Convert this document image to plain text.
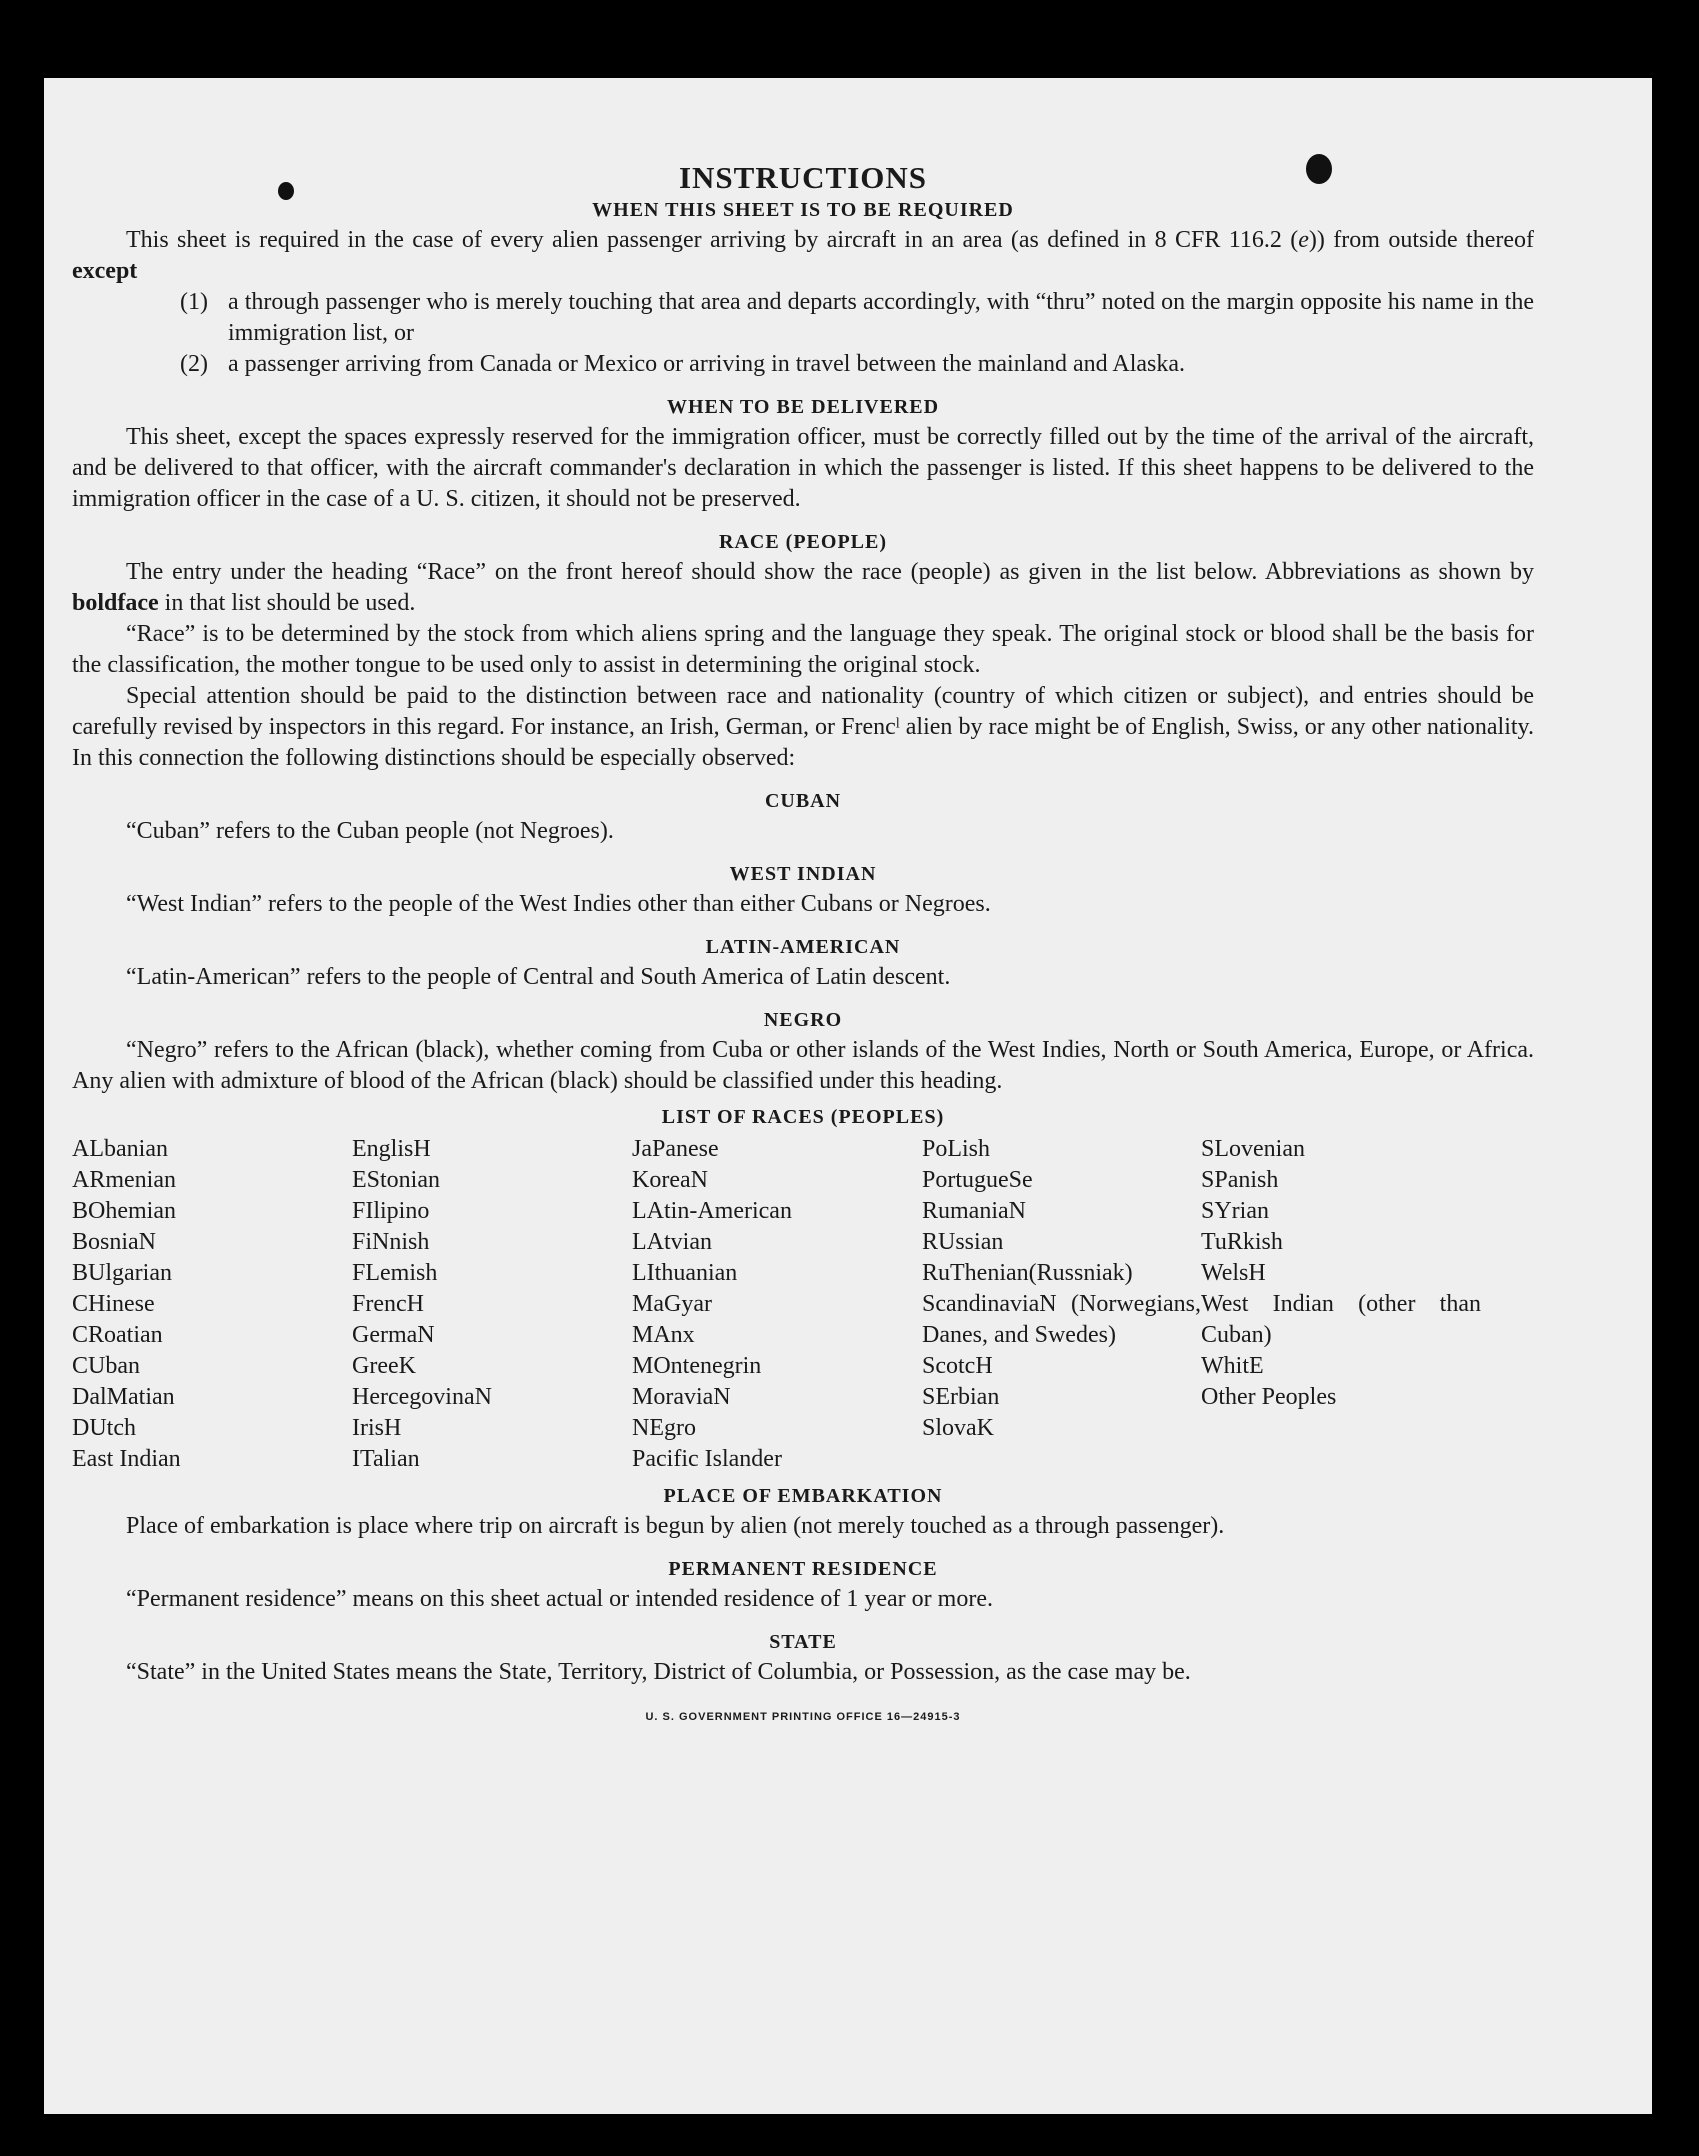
INSTRUCTIONS
WHEN THIS SHEET IS TO BE REQUIRED

This sheet is required in the case of every alien passenger arriving by aircraft in an area (as defined in 8 CFR 116.2 (e)) from outside thereof except

(1) a through passenger who is merely touching that area and departs accordingly, with “thru” noted on the margin opposite his name in the immigration list, or
(2) a passenger arriving from Canada or Mexico or arriving in travel between the mainland and Alaska.
WHEN TO BE DELIVERED

This sheet, except the spaces expressly reserved for the immigration officer, must be correctly filled out by the time of the arrival of the aircraft, and be delivered to that officer, with the aircraft commander's declaration in which the passenger is listed. If this sheet happens to be delivered to the immigration officer in the case of a U. S. citizen, it should not be preserved.

RACE (PEOPLE)

The entry under the heading “Race” on the front hereof should show the race (people) as given in the list below. Abbreviations as shown by boldface in that list should be used.

“Race” is to be determined by the stock from which aliens spring and the language they speak. The original stock or blood shall be the basis for the classification, the mother tongue to be used only to assist in determining the original stock.

Special attention should be paid to the distinction between race and nationality (country of which citizen or subject), and entries should be carefully revised by inspectors in this regard. For instance, an Irish, German, or Frencˡ alien by race might be of English, Swiss, or any other nationality. In this connection the following distinctions should be especially observed:

CUBAN

“Cuban” refers to the Cuban people (not Negroes).

WEST INDIAN

“West Indian” refers to the people of the West Indies other than either Cubans or Negroes.

LATIN-AMERICAN

“Latin-American” refers to the people of Central and South America of Latin descent.

NEGRO

“Negro” refers to the African (black), whether coming from Cuba or other islands of the West Indies, North or South America, Europe, or Africa. Any alien with admixture of blood of the African (black) should be classified under this heading.

LIST OF RACES (PEOPLES)
ALbanian
ARmenian
BOhemian
BosniaN
BUlgarian
CHinese
CRoatian
CUban
DalMatian
DUtch
East Indian
EnglisH
EStonian
FIlipino
FiNnish
FLemish
FrencH
GermaN
GreeK
HercegovinaN
IrisH
ITalian
JaPanese
KoreaN
LAtin-American
LAtvian
LIthuanian
MaGyar
MAnx
MOntenegrin
MoraviaN
NEgro
Pacific Islander
PoLish
PortugueSe
RumaniaN
RUssian
RuThenian(Russniak)
ScandinaviaN (Norwegians, Danes, and Swedes)
ScotcH
SErbian
SlovaK
SLovenian
SPanish
SYrian
TuRkish
WelsH
West Indian (other than Cuban)
WhitE
Other Peoples
PLACE OF EMBARKATION

Place of embarkation is place where trip on aircraft is begun by alien (not merely touched as a through passenger).

PERMANENT RESIDENCE

“Permanent residence” means on this sheet actual or intended residence of 1 year or more.

STATE

“State” in the United States means the State, Territory, District of Columbia, or Possession, as the case may be.

U. S. GOVERNMENT PRINTING OFFICE 16—24915-3
